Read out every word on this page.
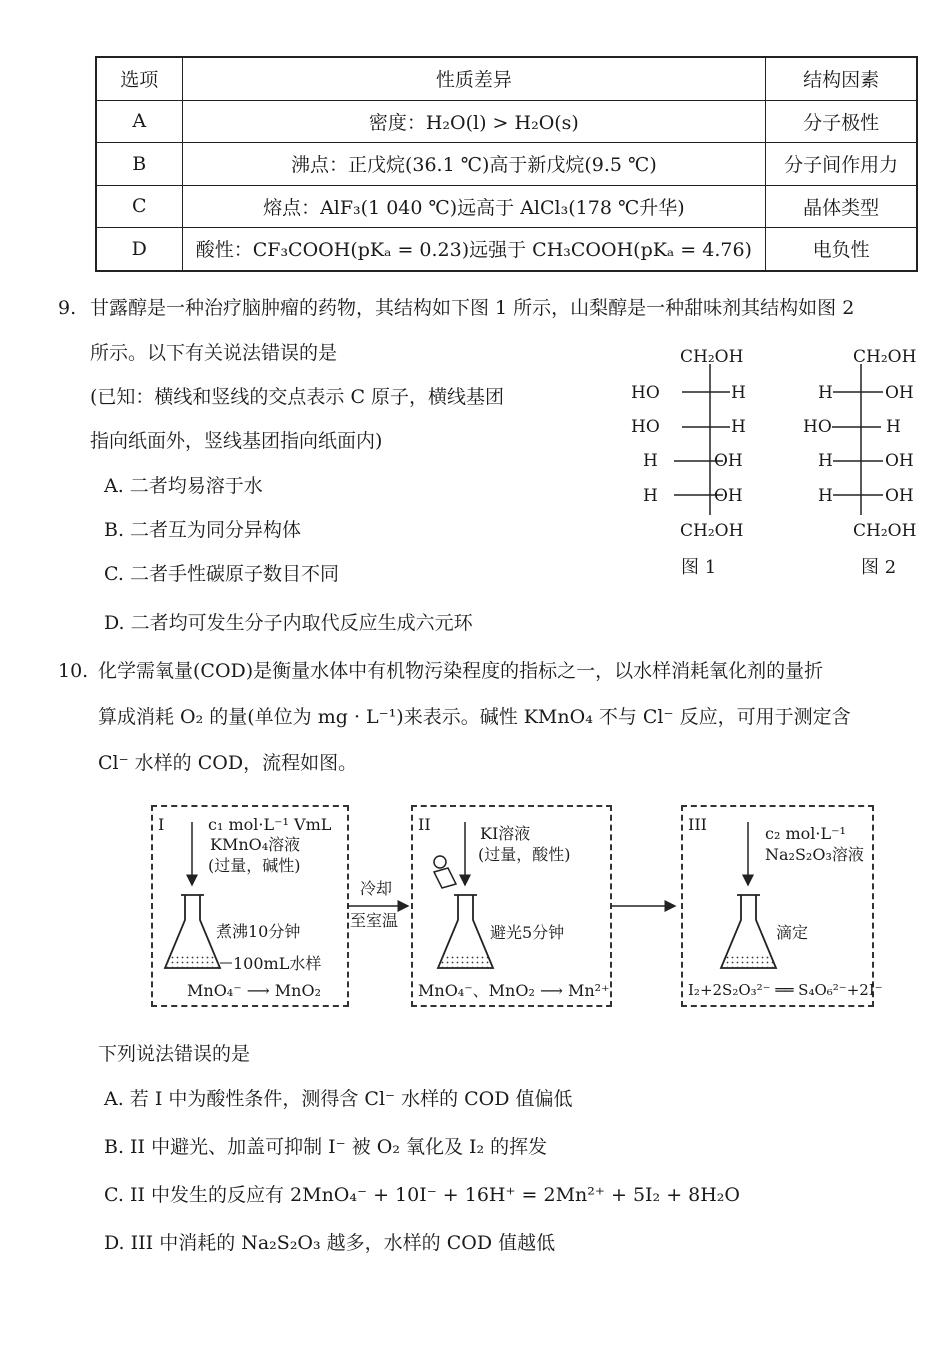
选项	性质差异	结构因素
A	密度：H₂O(l) > H₂O(s)	分子极性
B	沸点：正戊烷(36.1 ℃)高于新戊烷(9.5 ℃)	分子间作用力
C	熔点：AlF₃(1 040 ℃)远高于 AlCl₃(178 ℃升华)	晶体类型
D	酸性：CF₃COOH(pKₐ = 0.23)远强于 CH₃COOH(pKₐ = 4.76)	电负性
9. 甘露醇是一种治疗脑肿瘤的药物，其结构如下图 1 所示，山梨醇是一种甜味剂其结构如图 2
所示。以下有关说法错误的是
(已知：横线和竖线的交点表示 C 原子，横线基团
指向纸面外，竖线基团指向纸面内)
A. 二者均易溶于水
B. 二者互为同分异构体
C. 二者手性碳原子数目不同
D. 二者均可发生分子内取代反应生成六元环
CH₂OH
HO	H
HO	H
H	OH
H	OH
CH₂OH
图 1
CH₂OH
H	OH
HO	H
H	OH
H	OH
CH₂OH
图 2
10. 化学需氧量(COD)是衡量水体中有机物污染程度的指标之一，以水样消耗氧化剂的量折
算成消耗 O₂ 的量(单位为 mg · L⁻¹)来表示。碱性 KMnO₄ 不与 Cl⁻ 反应，可用于测定含
Cl⁻ 水样的 COD，流程如图。
I	c₁ mol·L⁻¹ VmL
KMnO₄溶液
(过量，碱性)
煮沸10分钟
100mL水样
MnO₄⁻ ⟶ MnO₂
冷却
至室温
II	KI溶液
(过量，酸性)
避光5分钟
MnO₄⁻、MnO₂ ⟶ Mn²⁺
III	c₂ mol·L⁻¹
Na₂S₂O₃溶液
滴定
I₂+2S₂O₃²⁻ ══ S₄O₆²⁻+2I⁻
下列说法错误的是
A. 若 I 中为酸性条件，测得含 Cl⁻ 水样的 COD 值偏低
B. II 中避光、加盖可抑制 I⁻ 被 O₂ 氧化及 I₂ 的挥发
C. II 中发生的反应有 2MnO₄⁻ + 10I⁻ + 16H⁺ = 2Mn²⁺ + 5I₂ + 8H₂O
D. III 中消耗的 Na₂S₂O₃ 越多，水样的 COD 值越低
